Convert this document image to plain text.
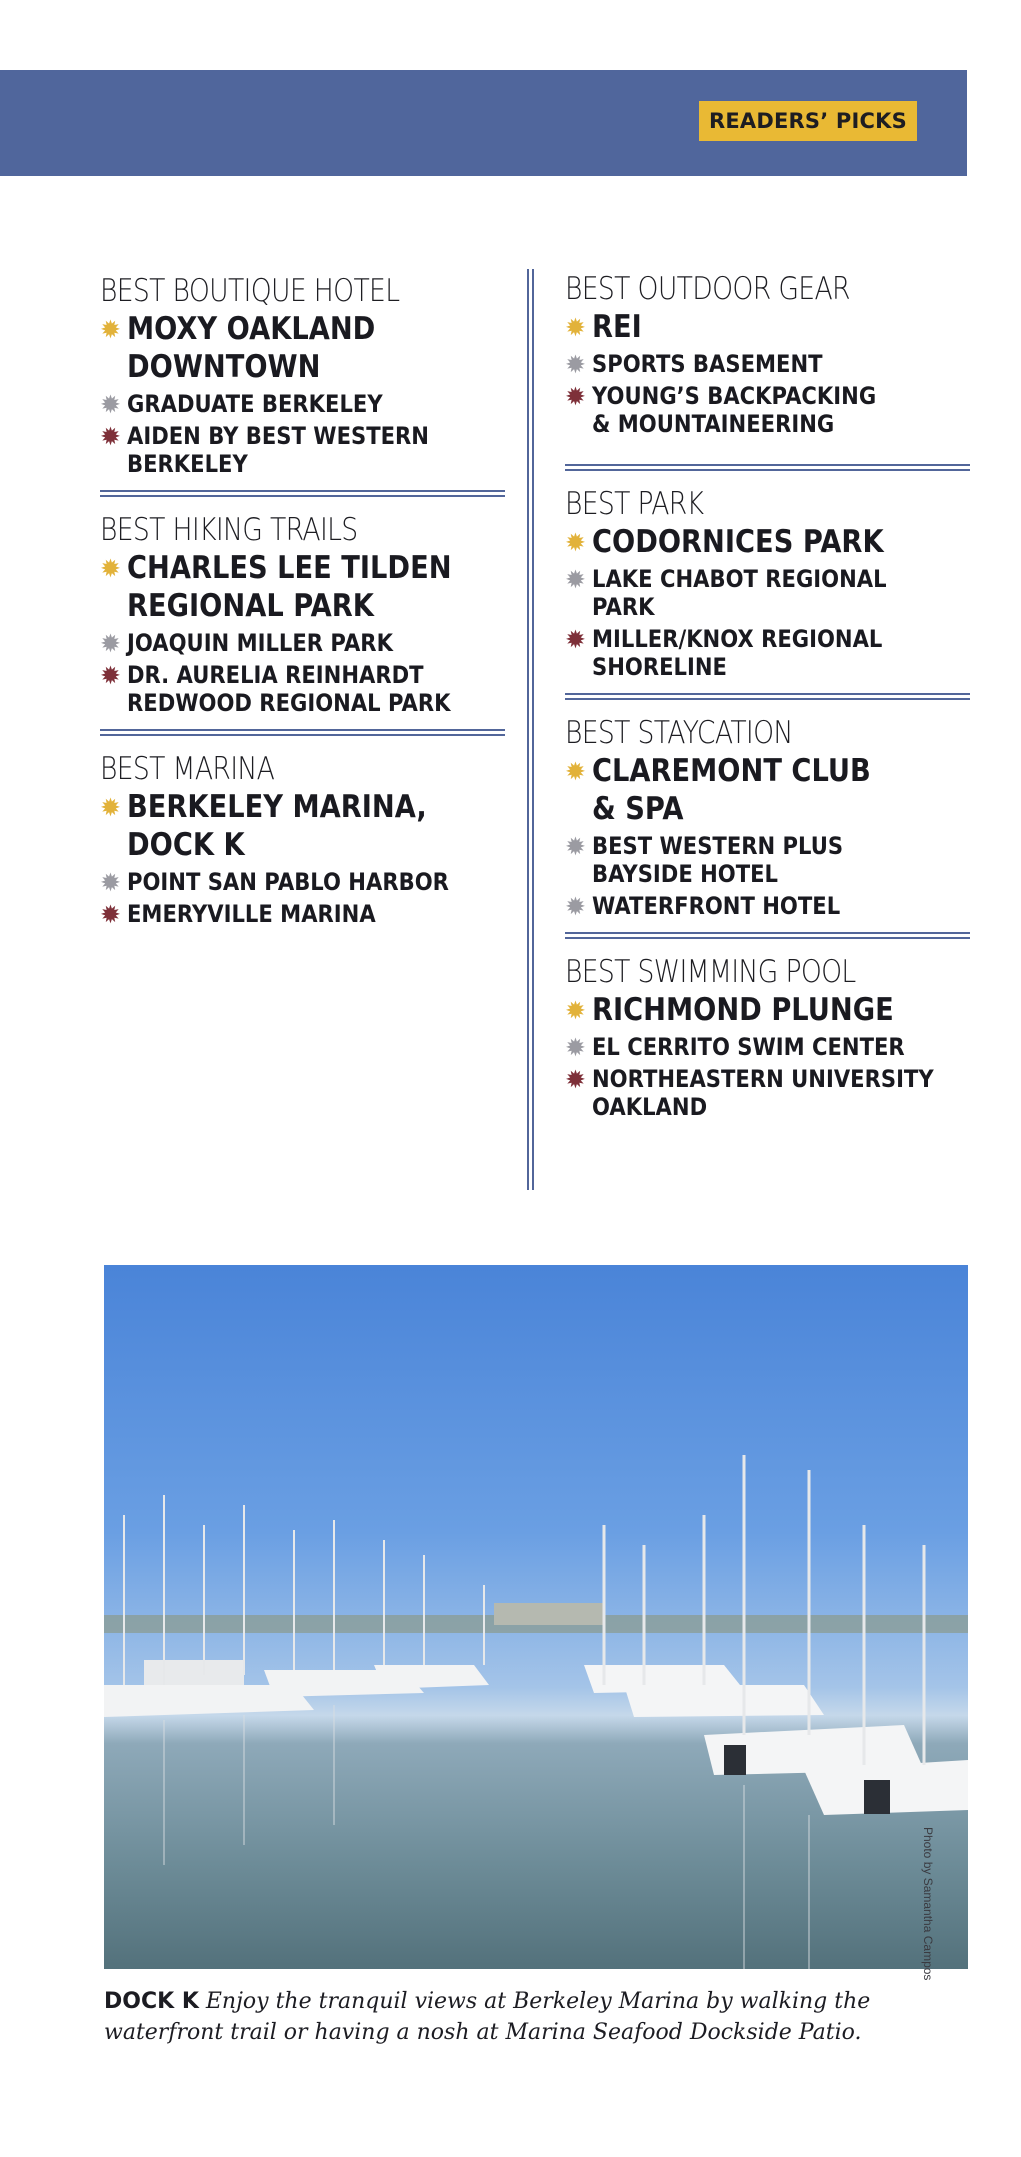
READERS’ PICKS
BEST BOUTIQUE HOTEL
✹ MOXY OAKLAND
DOWNTOWN
✹ GRADUATE BERKELEY
✹ AIDEN BY BEST WESTERN
BERKELEY
BEST HIKING TRAILS
✹ CHARLES LEE TILDEN
REGIONAL PARK
✹ JOAQUIN MILLER PARK
✹ DR. AURELIA REINHARDT
REDWOOD REGIONAL PARK
BEST MARINA
✹ BERKELEY MARINA,
DOCK K
✹ POINT SAN PABLO HARBOR
✹ EMERYVILLE MARINA
BEST OUTDOOR GEAR
✹ REI
✹ SPORTS BASEMENT
✹ YOUNG’S BACKPACKING
& MOUNTAINEERING
BEST PARK
✹ CODORNICES PARK
✹ LAKE CHABOT REGIONAL
PARK
✹ MILLER/KNOX REGIONAL
SHORELINE
BEST STAYCATION
✹ CLAREMONT CLUB
& SPA
✹ BEST WESTERN PLUS
BAYSIDE HOTEL
✹ WATERFRONT HOTEL
BEST SWIMMING POOL
✹ RICHMOND PLUNGE
✹ EL CERRITO SWIM CENTER
✹ NORTHEASTERN UNIVERSITY
OAKLAND
Photo by Samantha Campos
DOCK K Enjoy the tranquil views at Berkeley Marina by walking the waterfront trail or having a nosh at Marina Seafood Dockside Patio.
